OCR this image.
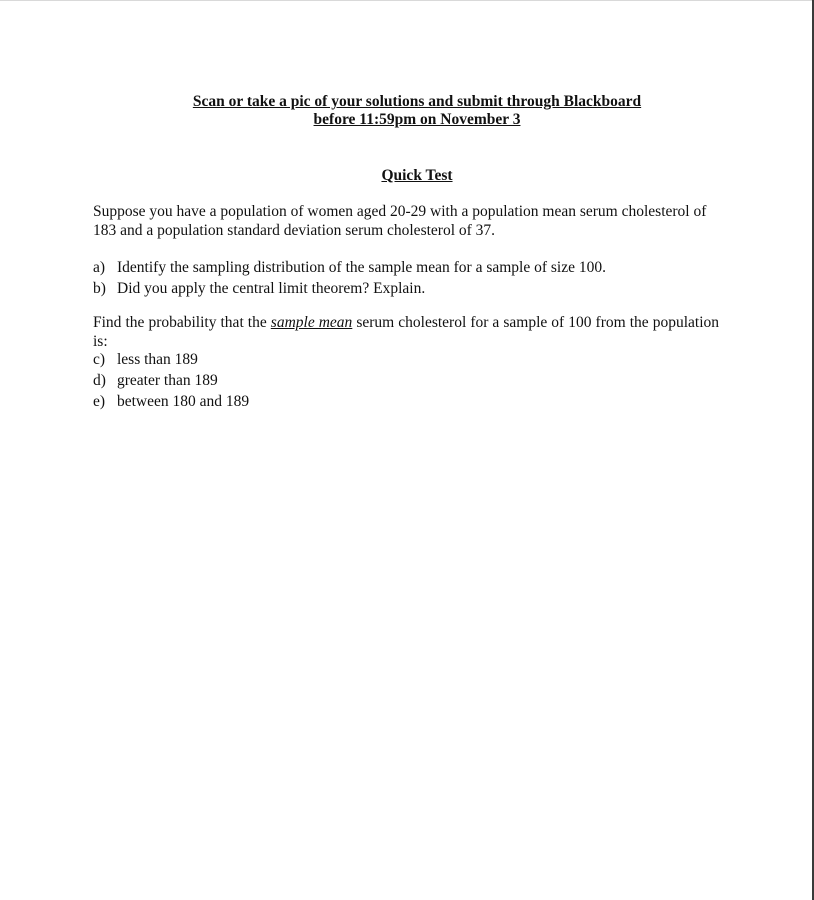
Scan or take a pic of your solutions and submit through Blackboard
before 11:59pm on November 3
Quick Test
Suppose you have a population of women aged 20-29 with a population mean serum cholesterol of 183 and a population standard deviation serum cholesterol of 37.
a) Identify the sampling distribution of the sample mean for a sample of size 100.
b) Did you apply the central limit theorem? Explain.
Find the probability that the sample mean serum cholesterol for a sample of 100 from the population is:
c) less than 189
d) greater than 189
e) between 180 and 189
